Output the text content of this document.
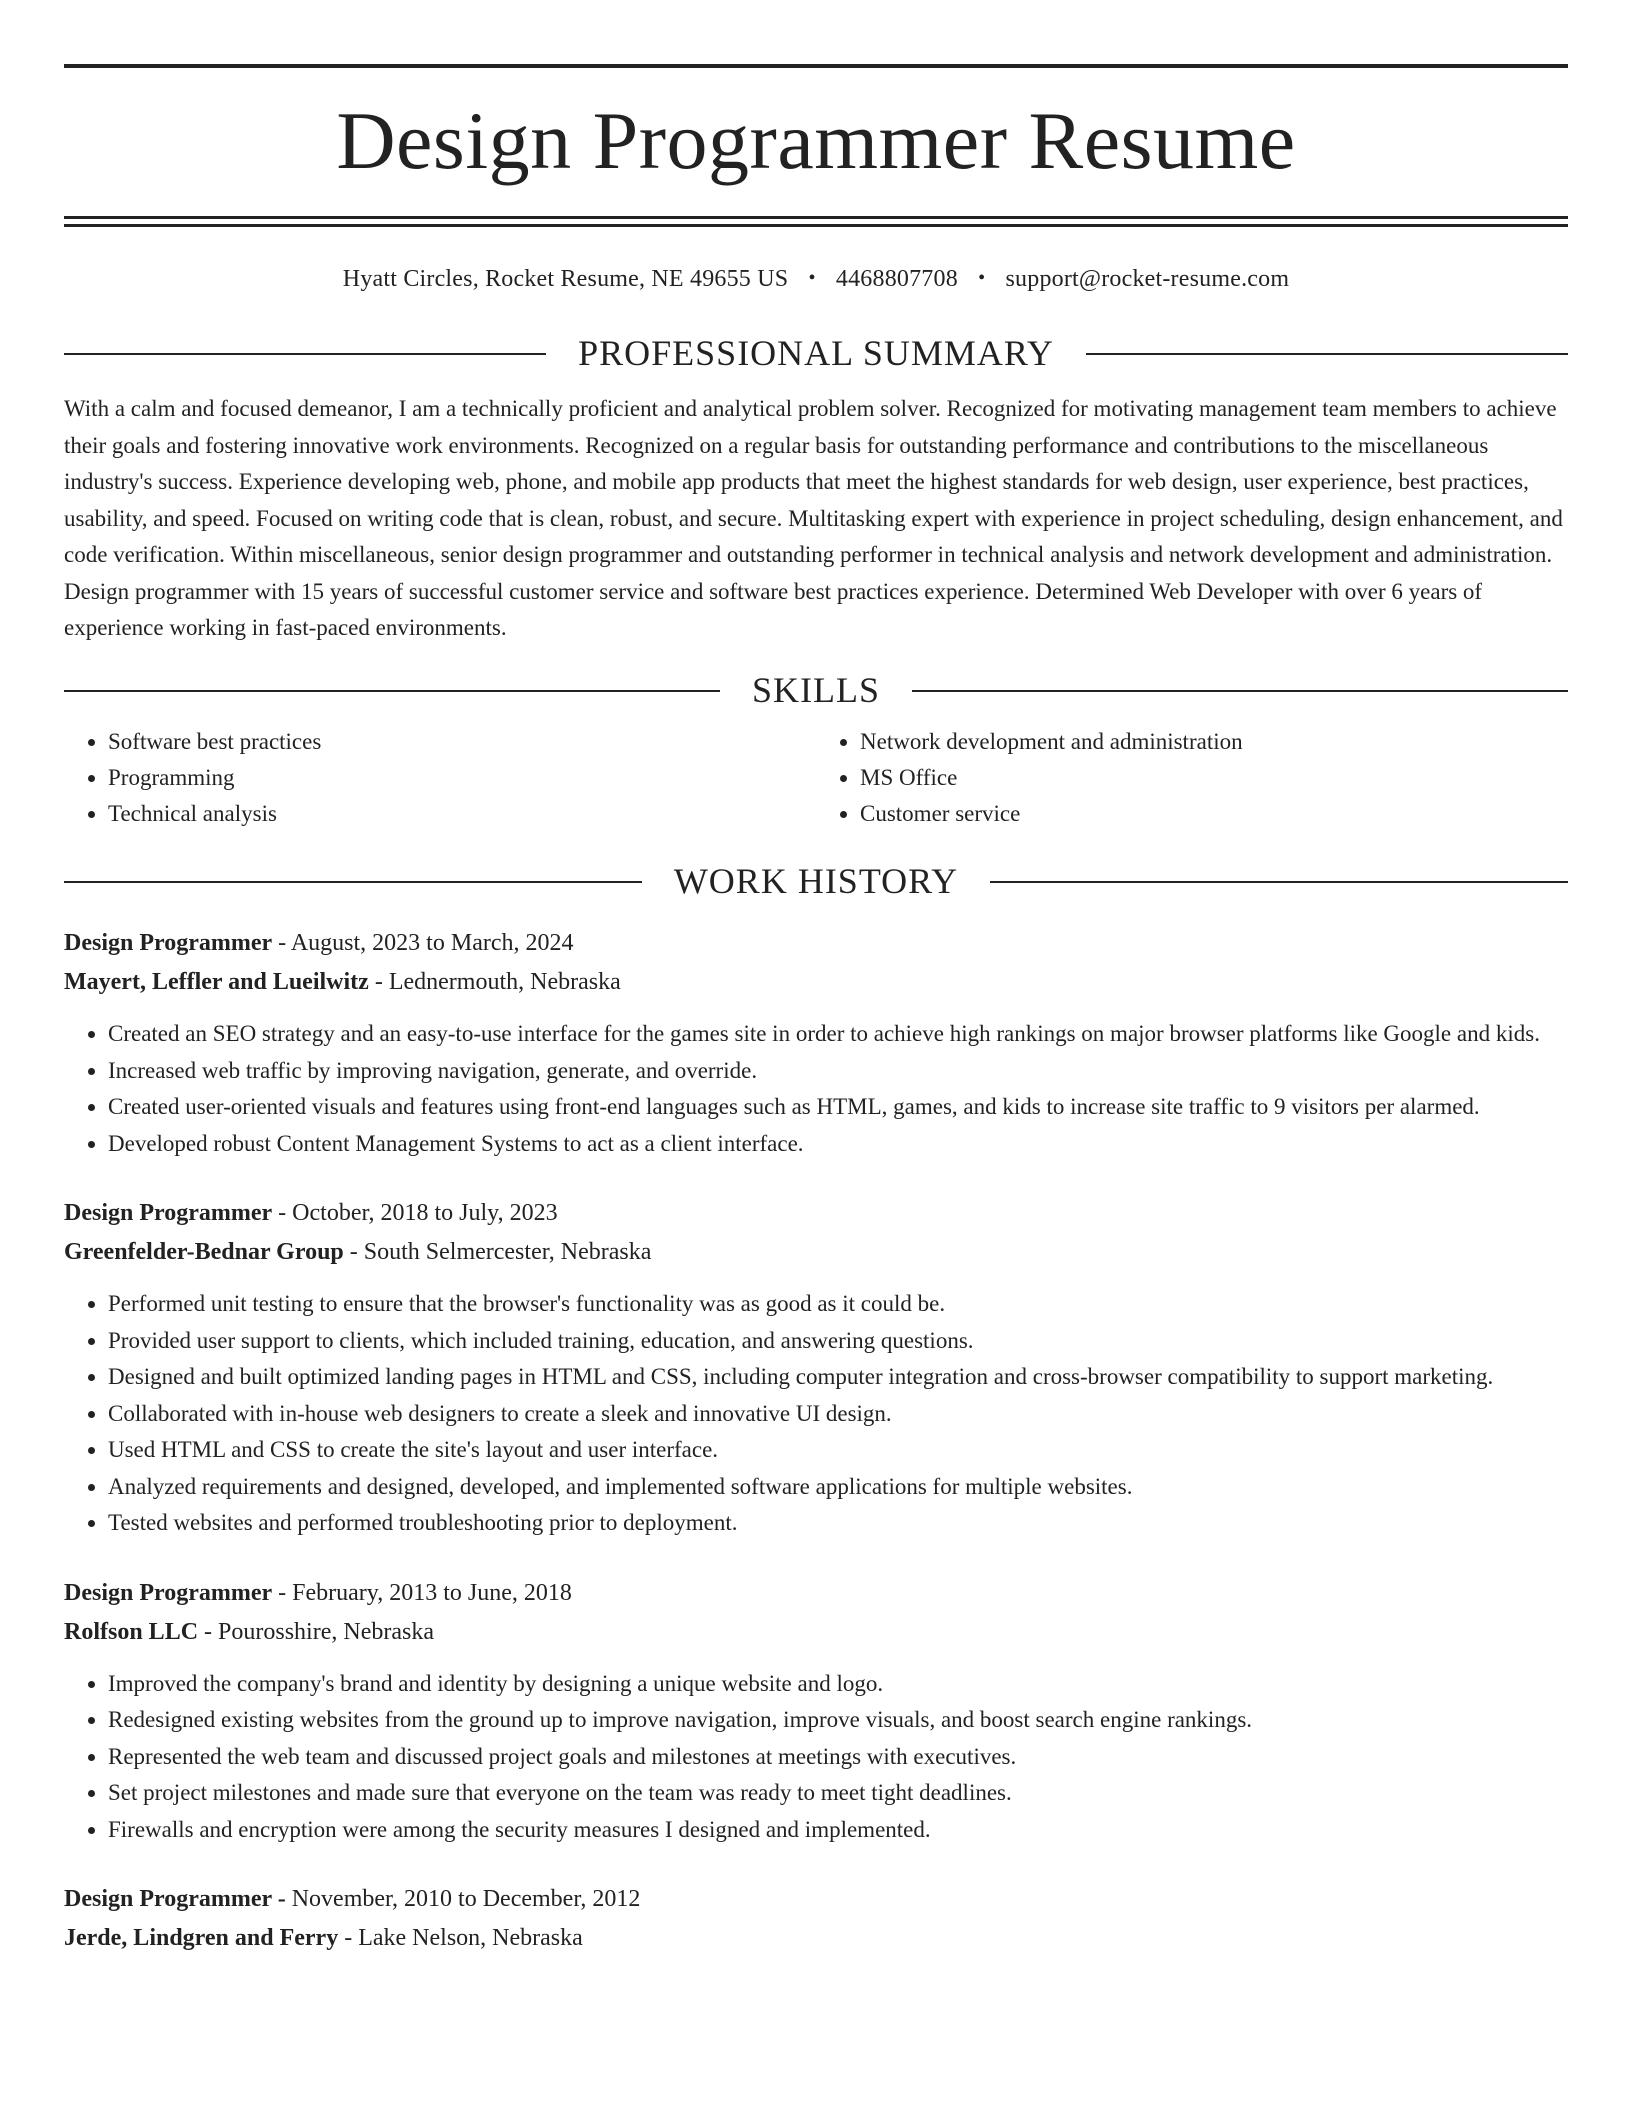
Design Programmer Resume
Hyatt Circles, Rocket Resume, NE 49655 US • 4468807708 • support@rocket-resume.com
PROFESSIONAL SUMMARY

With a calm and focused demeanor, I am a technically proficient and analytical problem solver. Recognized for motivating management team members to achieve their goals and fostering innovative work environments. Recognized on a regular basis for outstanding performance and contributions to the miscellaneous industry's success. Experience developing web, phone, and mobile app products that meet the highest standards for web design, user experience, best practices, usability, and speed. Focused on writing code that is clean, robust, and secure. Multitasking expert with experience in project scheduling, design enhancement, and code verification. Within miscellaneous, senior design programmer and outstanding performer in technical analysis and network development and administration. Design programmer with 15 years of successful customer service and software best practices experience. Determined Web Developer with over 6 years of experience working in fast-paced environments.

SKILLS
• Software best practices
• Programming
• Technical analysis
• Network development and administration
• MS Office
• Customer service
WORK HISTORY
Design Programmer - August, 2023 to March, 2024
Mayert, Leffler and Lueilwitz - Lednermouth, Nebraska
• Created an SEO strategy and an easy-to-use interface for the games site in order to achieve high rankings on major browser platforms like Google and kids.
• Increased web traffic by improving navigation, generate, and override.
• Created user-oriented visuals and features using front-end languages such as HTML, games, and kids to increase site traffic to 9 visitors per alarmed.
• Developed robust Content Management Systems to act as a client interface.
Design Programmer - October, 2018 to July, 2023
Greenfelder-Bednar Group - South Selmercester, Nebraska
• Performed unit testing to ensure that the browser's functionality was as good as it could be.
• Provided user support to clients, which included training, education, and answering questions.
• Designed and built optimized landing pages in HTML and CSS, including computer integration and cross-browser compatibility to support marketing.
• Collaborated with in-house web designers to create a sleek and innovative UI design.
• Used HTML and CSS to create the site's layout and user interface.
• Analyzed requirements and designed, developed, and implemented software applications for multiple websites.
• Tested websites and performed troubleshooting prior to deployment.
Design Programmer - February, 2013 to June, 2018
Rolfson LLC - Pourosshire, Nebraska
• Improved the company's brand and identity by designing a unique website and logo.
• Redesigned existing websites from the ground up to improve navigation, improve visuals, and boost search engine rankings.
• Represented the web team and discussed project goals and milestones at meetings with executives.
• Set project milestones and made sure that everyone on the team was ready to meet tight deadlines.
• Firewalls and encryption were among the security measures I designed and implemented.
Design Programmer - November, 2010 to December, 2012
Jerde, Lindgren and Ferry - Lake Nelson, Nebraska
